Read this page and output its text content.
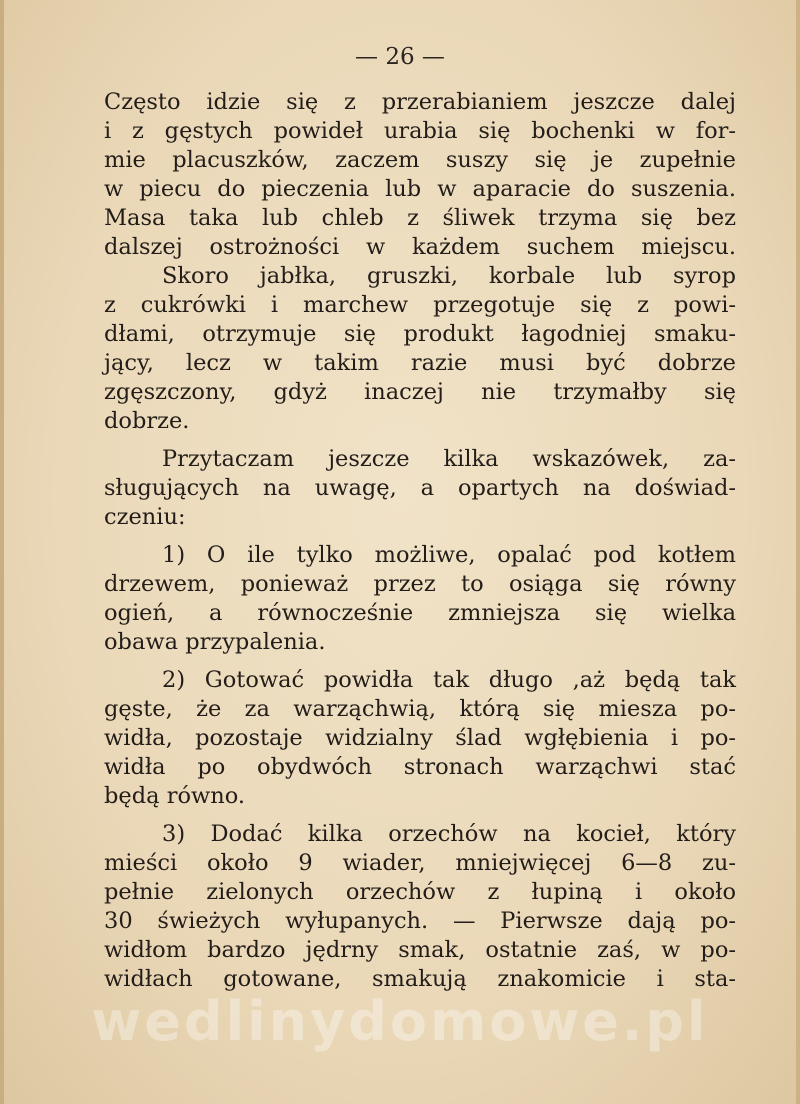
— 26 —
Często idzie się z przerabianiem jeszcze dalej
i z gęstych powideł urabia się bochenki w for-
mie placuszków, zaczem suszy się je zupełnie
w piecu do pieczenia lub w aparacie do suszenia.
Masa taka lub chleb z śliwek trzyma się bez
dalszej ostrożności w każdem suchem miejscu.
Skoro jabłka, gruszki, korbale lub syrop
z cukrówki i marchew przegotuje się z powi-
dłami, otrzymuje się produkt łagodniej smaku-
jący, lecz w takim razie musi być dobrze
zgęszczony, gdyż inaczej nie trzymałby się
dobrze.
Przytaczam jeszcze kilka wskazówek, za-
sługujących na uwagę, a opartych na doświad-
czeniu:
1) O ile tylko możliwe, opalać pod kotłem
drzewem, ponieważ przez to osiąga się równy
ogień, a równocześnie zmniejsza się wielka
obawa przypalenia.
2) Gotować powidła tak długo ,aż będą tak
gęste, że za warząchwią, którą się miesza po-
widła, pozostaje widzialny ślad wgłębienia i po-
widła po obydwóch stronach warząchwi stać
będą równo.
3) Dodać kilka orzechów na kocieł, który
mieści około 9 wiader, mniejwięcej 6—8 zu-
pełnie zielonych orzechów z łupiną i około
30 świeżych wyłupanych. — Pierwsze dają po-
widłom bardzo jędrny smak, ostatnie zaś, w po-
widłach gotowane, smakują znakomicie i sta-
wedlinydomowe.pl
